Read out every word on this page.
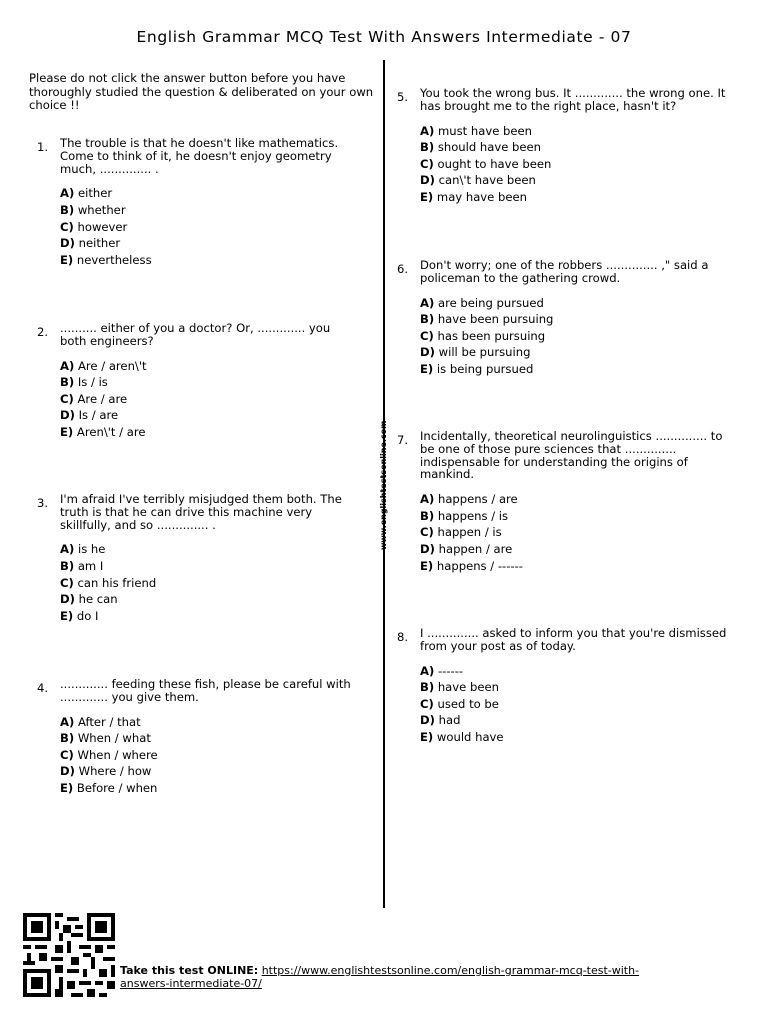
English Grammar MCQ Test With Answers Intermediate - 07
Please do not click the answer button before you have thoroughly studied the question & deliberated on your own choice !!
www.englishtestsonline.com
1.	The trouble is that he doesn't like mathematics. Come to think of it, he doesn't enjoy geometry much, .............. .
A) either
B) whether
C) however
D) neither
E) nevertheless
2.	.......... either of you a doctor? Or, ............. you both engineers?
A) Are / aren\'t
B) Is / is
C) Are / are
D) Is / are
E) Aren\'t / are
3.	I'm afraid I've terribly misjudged them both. The truth is that he can drive this machine very skillfully, and so .............. .
A) is he
B) am I
C) can his friend
D) he can
E) do I
4.	............. feeding these fish, please be careful with ............. you give them.
A) After / that
B) When / what
C) When / where
D) Where / how
E) Before / when
5.	You took the wrong bus. It ............. the wrong one. It has brought me to the right place, hasn't it?
A) must have been
B) should have been
C) ought to have been
D) can\'t have been
E) may have been
6.	Don't worry; one of the robbers .............. ," said a policeman to the gathering crowd.
A) are being pursued
B) have been pursuing
C) has been pursuing
D) will be pursuing
E) is being pursued
7.	Incidentally, theoretical neurolinguistics .............. to be one of those pure sciences that .............. indispensable for understanding the origins of mankind.
A) happens / are
B) happens / is
C) happen / is
D) happen / are
E) happens / ------
8.	I .............. asked to inform you that you're dismissed from your post as of today.
A) ------
B) have been
C) used to be
D) had
E) would have
Take this test ONLINE: https://www.englishtestsonline.com/english-grammar-mcq-test-with-answers-intermediate-07/
